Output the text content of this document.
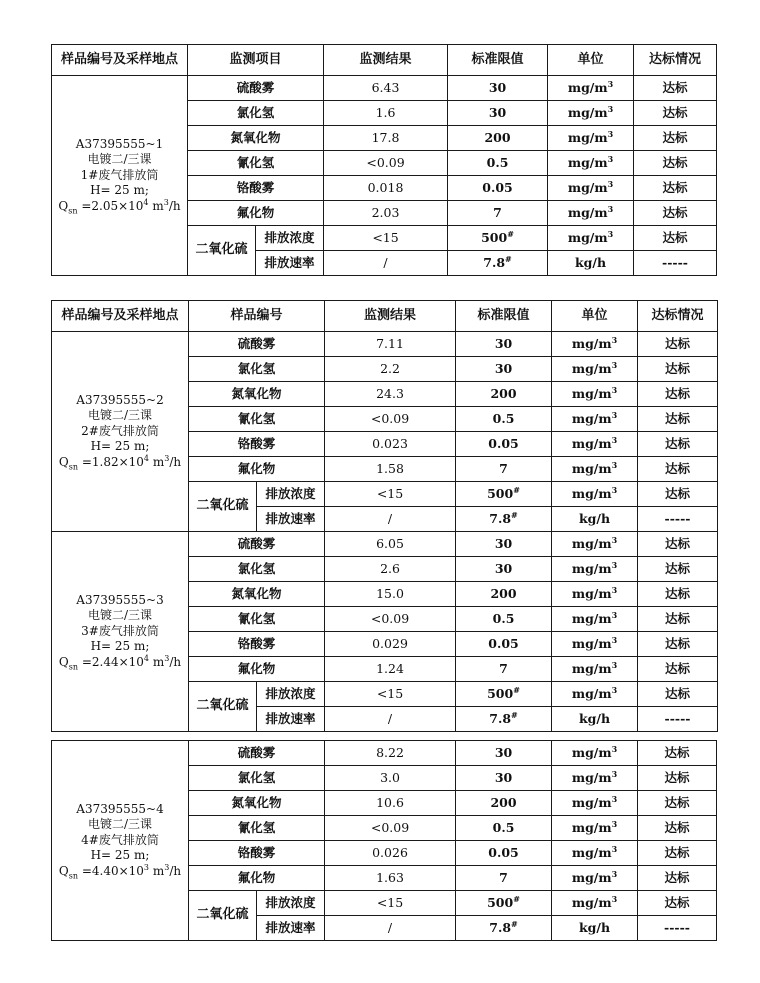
样品编号及采样地点	监测项目		监测结果	标准限值	单位	达标情况

A37395555~1
电镀二/三课
1#废气排放筒
H= 25 m;
$Q_{sn} =2.05\times 10^4$ $m^3/h$	硫酸雾		6.43	30	$mg/m^3$	达标
	氯化氢		1.6	30	$mg/m^3$	达标
	氮氧化物		17.8	200	$mg/m^3$	达标
	氰化氢		<0.09	0.5	$mg/m^3$	达标
	铬酸雾		0.018	0.05	$mg/m^3$	达标
	氟化物		2.03	7	$mg/m^3$	达标
	二氧化硫	排放浓度	<15	500#	$mg/m^3$	达标
		排放速率	/	7.8#	kg/h	-----
样品编号及采样地点	样品编号		监测结果	标准限值	单位	达标情况

A37395555~2
电镀二/三课
2#废气排放筒
H= 25 m;
$Q_{sn} =1.82\times 10^4$ $m^3/h$	硫酸雾		7.11	30	$mg/m^3$	达标
	氯化氢		2.2	30	$mg/m^3$	达标
	氮氧化物		24.3	200	$mg/m^3$	达标
	氰化氢		<0.09	0.5	$mg/m^3$	达标
	铬酸雾		0.023	0.05	$mg/m^3$	达标
	氟化物		1.58	7	$mg/m^3$	达标
	二氧化硫	排放浓度	<15	500#	$mg/m^3$	达标
		排放速率	/	7.8#	kg/h	-----

A37395555~3
电镀二/三课
3#废气排放筒
H= 25 m;
$Q_{sn} =2.44\times 10^4$ $m^3/h$	硫酸雾		6.05	30	$mg/m^3$	达标
	氯化氢		2.6	30	$mg/m^3$	达标
	氮氧化物		15.0	200	$mg/m^3$	达标
	氰化氢		<0.09	0.5	$mg/m^3$	达标
	铬酸雾		0.029	0.05	$mg/m^3$	达标
	氟化物		1.24	7	$mg/m^3$	达标
	二氧化硫	排放浓度	<15	500#	$mg/m^3$	达标
		排放速率	/	7.8#	kg/h	-----
A37395555~4
电镀二/三课
4#废气排放筒
H= 25 m;
$Q_{sn} =4.40\times 10^3$ $m^3/h$	硫酸雾		8.22	30	$mg/m^3$	达标
	氯化氢		3.0	30	$mg/m^3$	达标
	氮氧化物		10.6	200	$mg/m^3$	达标
	氰化氢		<0.09	0.5	$mg/m^3$	达标
	铬酸雾		0.026	0.05	$mg/m^3$	达标
	氟化物		1.63	7	$mg/m^3$	达标
	二氧化硫	排放浓度	<15	500#	$mg/m^3$	达标
		排放速率	/	7.8#	kg/h	-----
